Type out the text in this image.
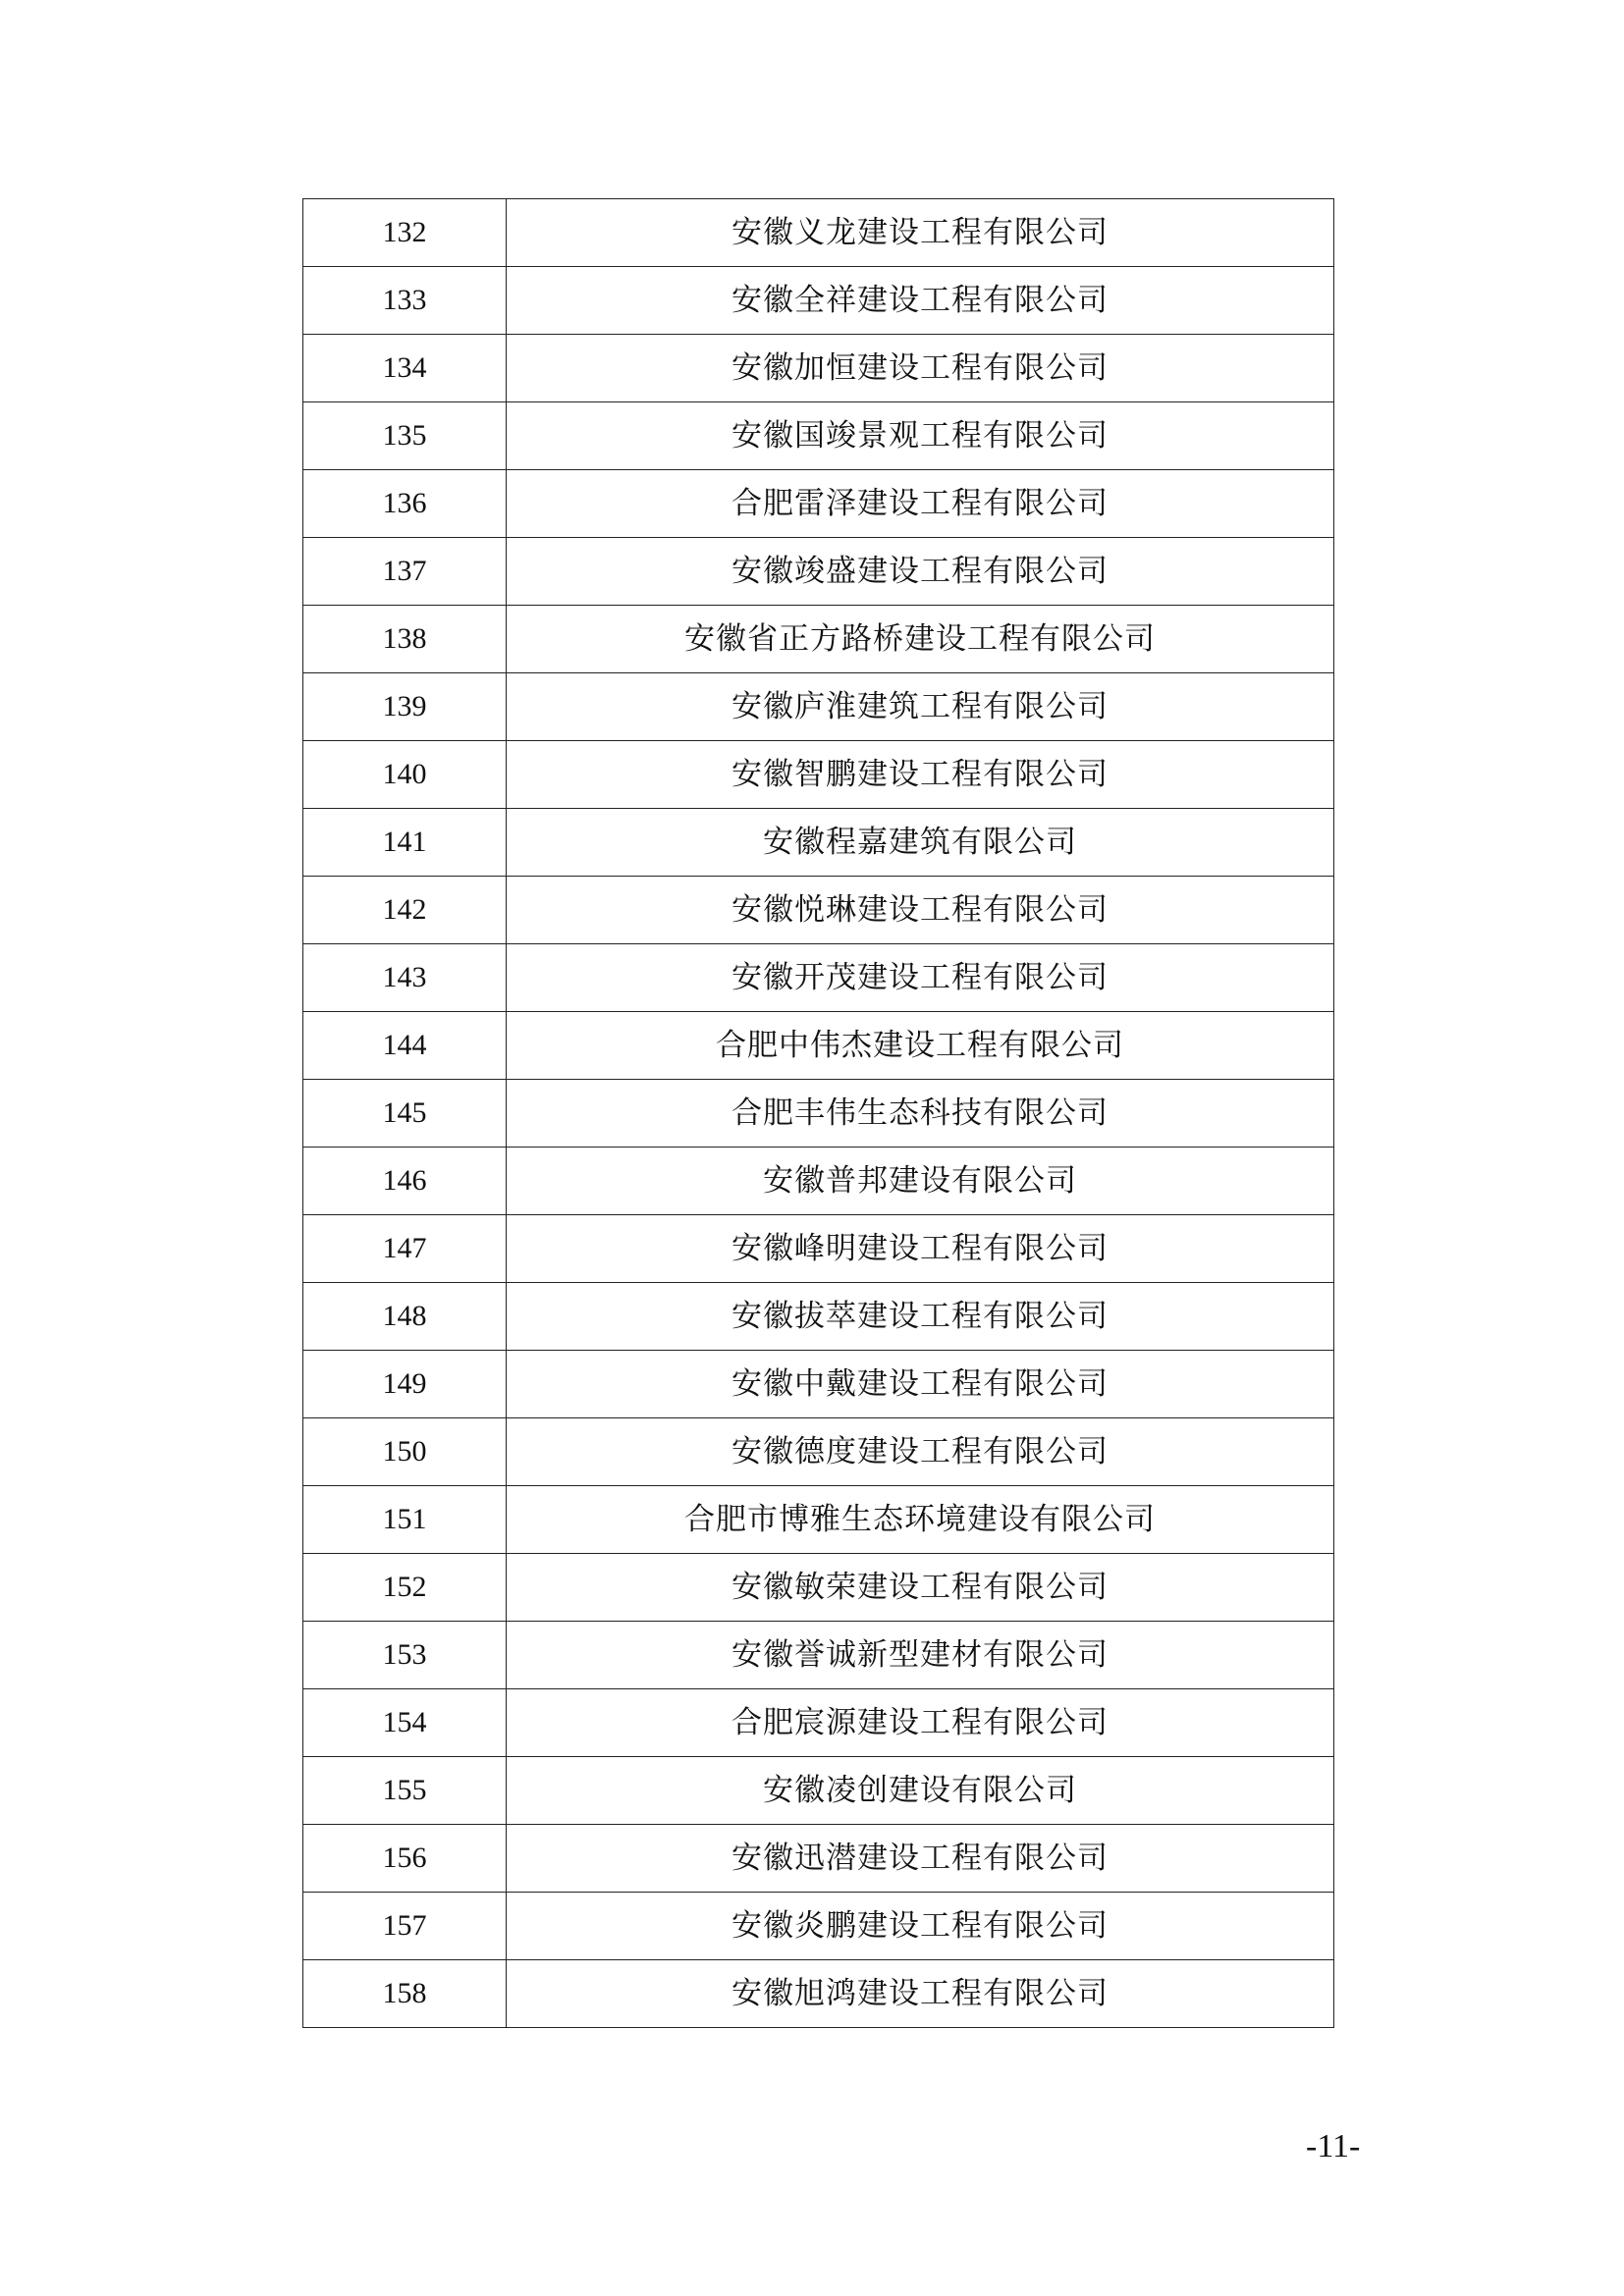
132	安徽义龙建设工程有限公司
133	安徽全祥建设工程有限公司
134	安徽加恒建设工程有限公司
135	安徽国竣景观工程有限公司
136	合肥雷泽建设工程有限公司
137	安徽竣盛建设工程有限公司
138	安徽省正方路桥建设工程有限公司
139	安徽庐淮建筑工程有限公司
140	安徽智鹏建设工程有限公司
141	安徽程嘉建筑有限公司
142	安徽悦琳建设工程有限公司
143	安徽开茂建设工程有限公司
144	合肥中伟杰建设工程有限公司
145	合肥丰伟生态科技有限公司
146	安徽普邦建设有限公司
147	安徽峰明建设工程有限公司
148	安徽拔萃建设工程有限公司
149	安徽中戴建设工程有限公司
150	安徽德度建设工程有限公司
151	合肥市博雅生态环境建设有限公司
152	安徽敏荣建设工程有限公司
153	安徽誉诚新型建材有限公司
154	合肥宸源建设工程有限公司
155	安徽凌创建设有限公司
156	安徽迅潜建设工程有限公司
157	安徽炎鹏建设工程有限公司
158	安徽旭鸿建设工程有限公司
-11-
